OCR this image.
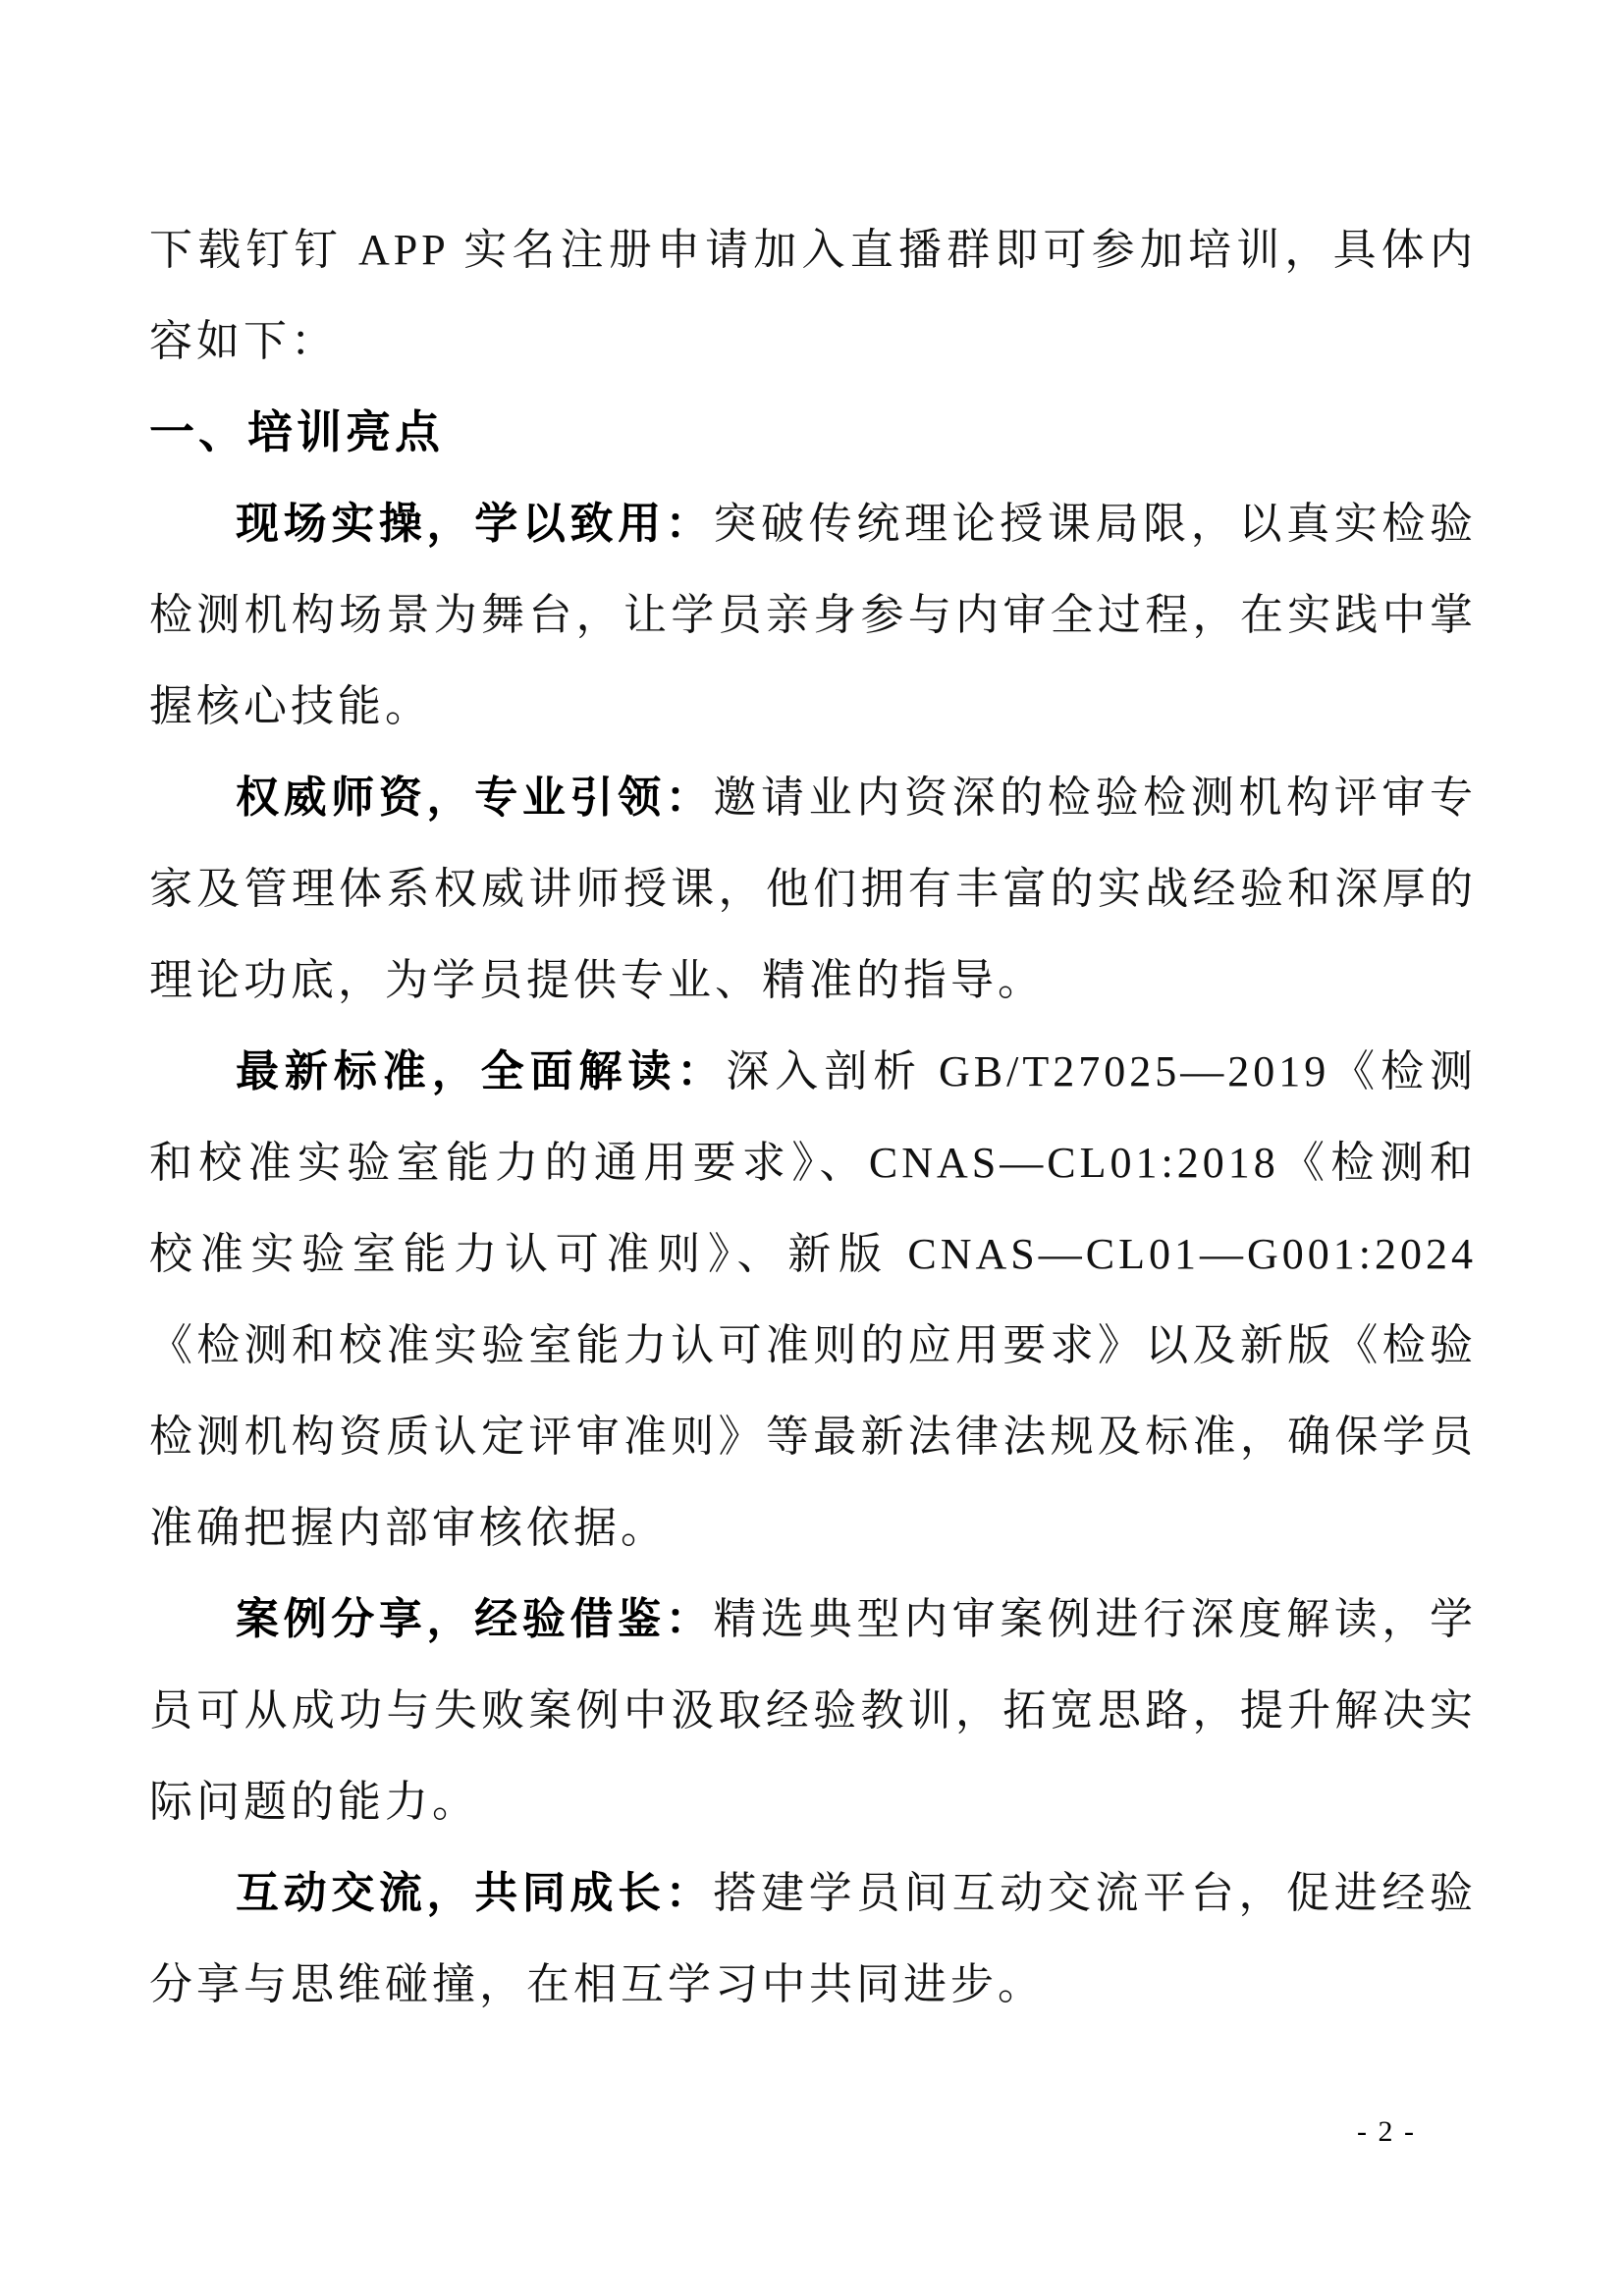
下载钉钉 APP 实名注册申请加入直播群即可参加培训，具体内容如下：

一、培训亮点

现场实操，学以致用：突破传统理论授课局限，以真实检验检测机构场景为舞台，让学员亲身参与内审全过程，在实践中掌握核心技能。

权威师资，专业引领：邀请业内资深的检验检测机构评审专家及管理体系权威讲师授课，他们拥有丰富的实战经验和深厚的理论功底，为学员提供专业、精准的指导。

最新标准，全面解读：深入剖析 GB/T27025—2019《检测和校准实验室能力的通用要求》、CNAS—CL01:2018《检测和校准实验室能力认可准则》、新版 CNAS—CL01—G001:2024《检测和校准实验室能力认可准则的应用要求》以及新版《检验检测机构资质认定评审准则》等最新法律法规及标准，确保学员准确把握内部审核依据。

案例分享，经验借鉴：精选典型内审案例进行深度解读，学员可从成功与失败案例中汲取经验教训，拓宽思路，提升解决实际问题的能力。

互动交流，共同成长：搭建学员间互动交流平台，促进经验分享与思维碰撞，在相互学习中共同进步。

- 2 -
